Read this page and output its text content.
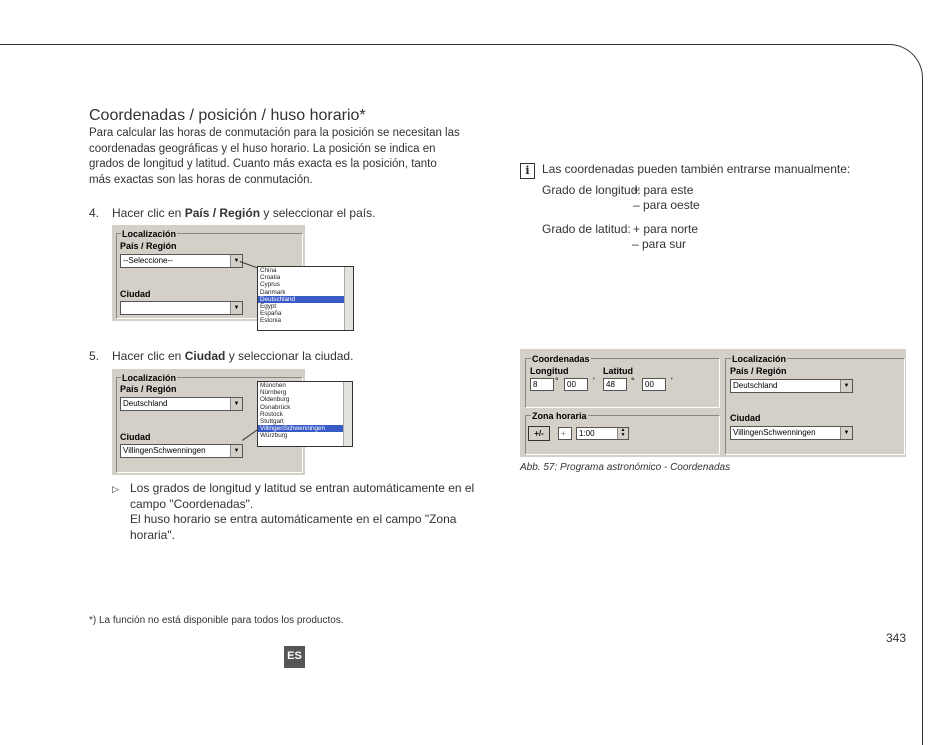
Coordenadas / posición / huso horario*

Para calcular las horas de conmutación para la posición se necesitan las coordenadas geográficas y el huso horario. La posición se indica en grados de longitud y latitud. Cuanto más exacta es la posición, tanto más exactas son las horas de conmutación.

4. Hacer clic en País / Región y seleccionar el país.
Localización
País / Región
--Seleccione--	▼
Ciudad
▼
China
Croatia
Cyprus
Danmark
Deutschland
Egypt
España
Estonia
5. Hacer clic en Ciudad y seleccionar la ciudad.
Localización
País / Región
Deutschland	▼
Ciudad
VillingenSchwenningen	▼
München
Nürnberg
Oldenburg
Osnabrück
Rostock
Stuttgart
VillingenSchwenningen
Würzburg
▷ Los grados de longitud y latitud se entran automáticamente en el campo "Coordenadas".
El huso horario se entra automáticamente en el campo "Zona horaria".
i	Las coordenadas pueden también entrarse manualmente:
Grado de longitud:
+ para este
– para oeste
Grado de latitud: + para norte
– para sur
Coordenadas
Longitud	Latitud
8	°	00	'	48	°	00	'
Zona horaria
+/-	+	1:00	▲
▼
Localización
País / Región
Deutschland	▼
Ciudad
VillingenSchwenningen	▼
Abb. 57: Programa astronómico - Coordenadas
*) La función no está disponible para todos los productos.
343
ES
